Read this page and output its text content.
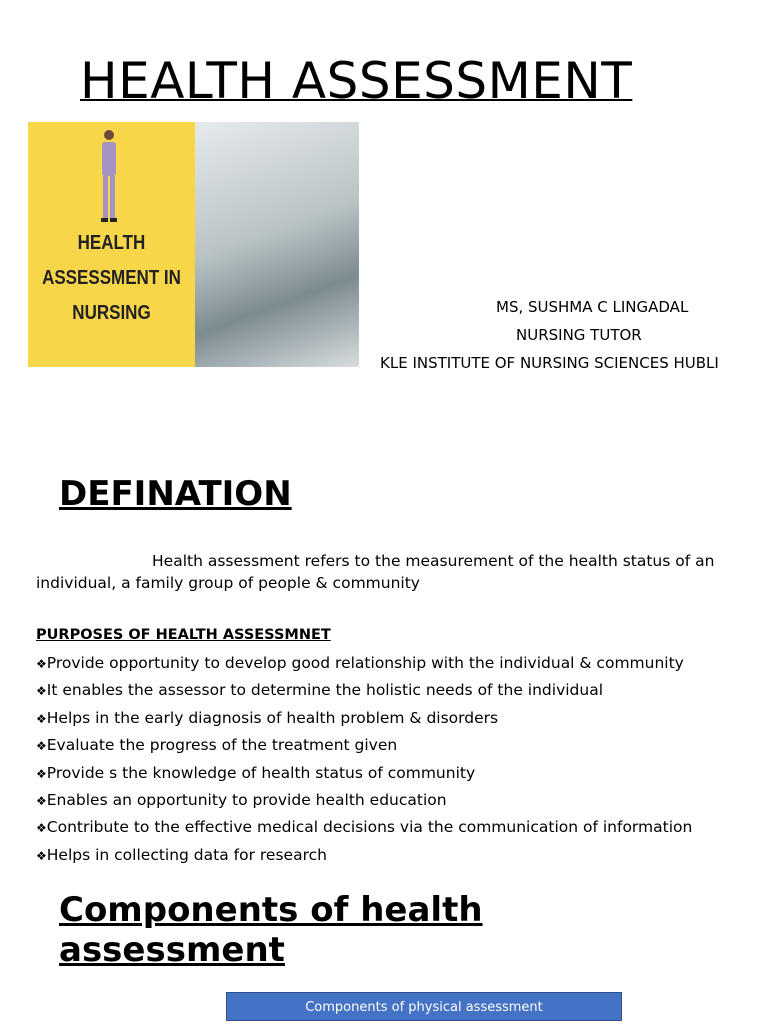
HEALTH ASSESSMENT
HEALTH
ASSESSMENT IN
NURSING	MS, SUSHMA C LINGADAL
NURSING TUTOR
KLE INSTITUTE OF NURSING SCIENCES HUBLI
DEFINATION
Health assessment refers to the measurement of the health status of an individual, a family group of people & community
PURPOSES OF HEALTH ASSESSMNET
❖Provide opportunity to develop good relationship with the individual & community
❖It enables the assessor to determine the holistic needs of the individual
❖Helps in the early diagnosis of health problem & disorders
❖Evaluate the progress of the treatment given
❖Provide s the knowledge of health status of community
❖Enables an opportunity to provide health education
❖Contribute to the effective medical decisions via the communication of information
❖Helps in collecting data for research
Components of health assessment
Components of physical assessment
